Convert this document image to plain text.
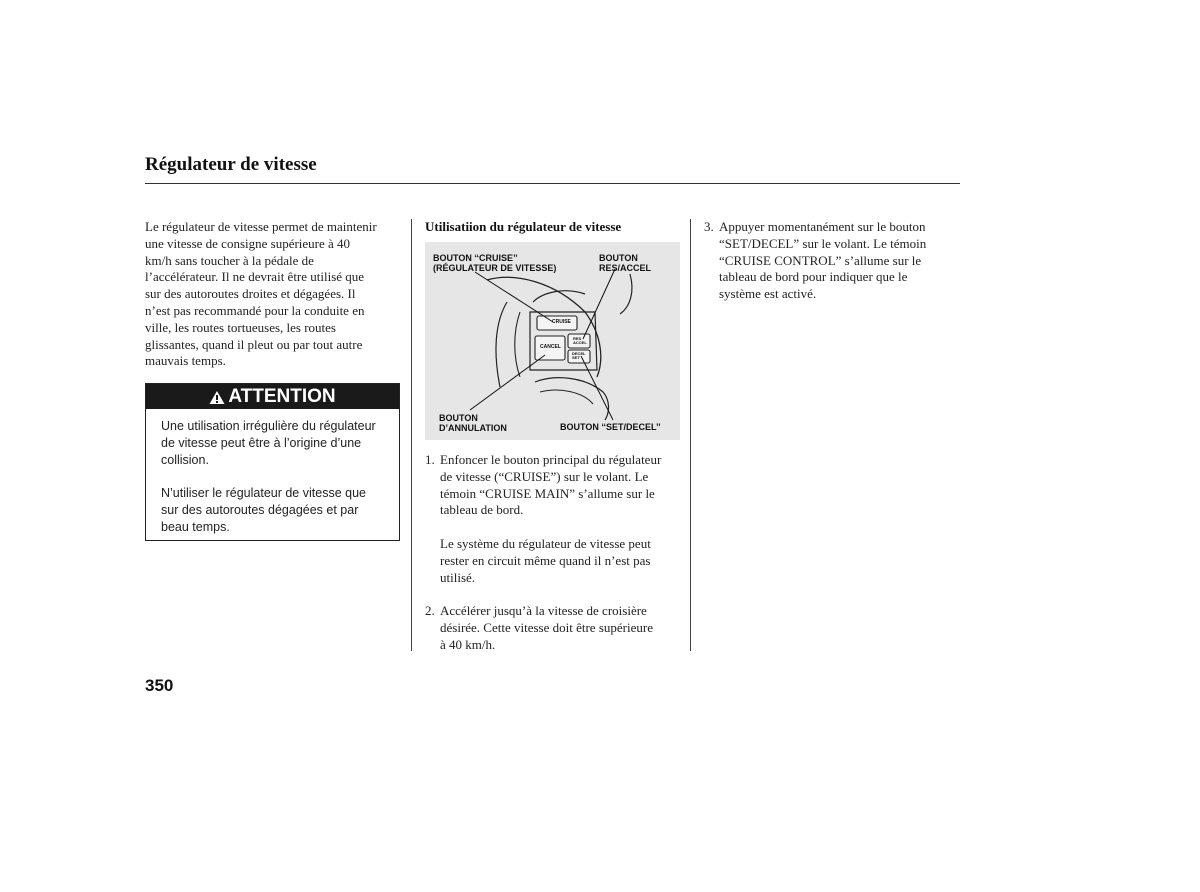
Régulateur de vitesse
Le régulateur de vitesse permet de maintenir
une vitesse de consigne supérieure à 40
km/h sans toucher à la pédale de
l’accélérateur. Il ne devrait être utilisé que
sur des autoroutes droites et dégagées. Il
n’est pas recommandé pour la conduite en
ville, les routes tortueuses, les routes
glissantes, quand il pleut ou par tout autre
mauvais temps.
ATTENTION
Une utilisation irrégulière du régulateur
de vitesse peut être à l’origine d’une
collision.
N’utiliser le régulateur de vitesse que
sur des autoroutes dégagées et par
beau temps.
Utilisatiion du régulateur de vitesse
CRUISE
CANCEL
RES
ACCEL
DECEL
SET
BOUTON ‘‘CRUISE’’
(RÉGULATEUR DE VITESSE)
BOUTON
RES/ACCEL
BOUTON
D’ANNULATION	BOUTON ‘‘SET/DECEL’’
1. Enfoncer le bouton principal du régulateur
de vitesse (“CRUISE”) sur le volant. Le
témoin “CRUISE MAIN” s’allume sur le
tableau de bord.
Le système du régulateur de vitesse peut
rester en circuit même quand il n’est pas
utilisé.
2. Accélérer jusqu’à la vitesse de croisière
désirée. Cette vitesse doit être supérieure
à 40 km/h.
3. Appuyer momentanément sur le bouton
“SET/DECEL” sur le volant. Le témoin
“CRUISE CONTROL” s’allume sur le
tableau de bord pour indiquer que le
système est activé.
350
